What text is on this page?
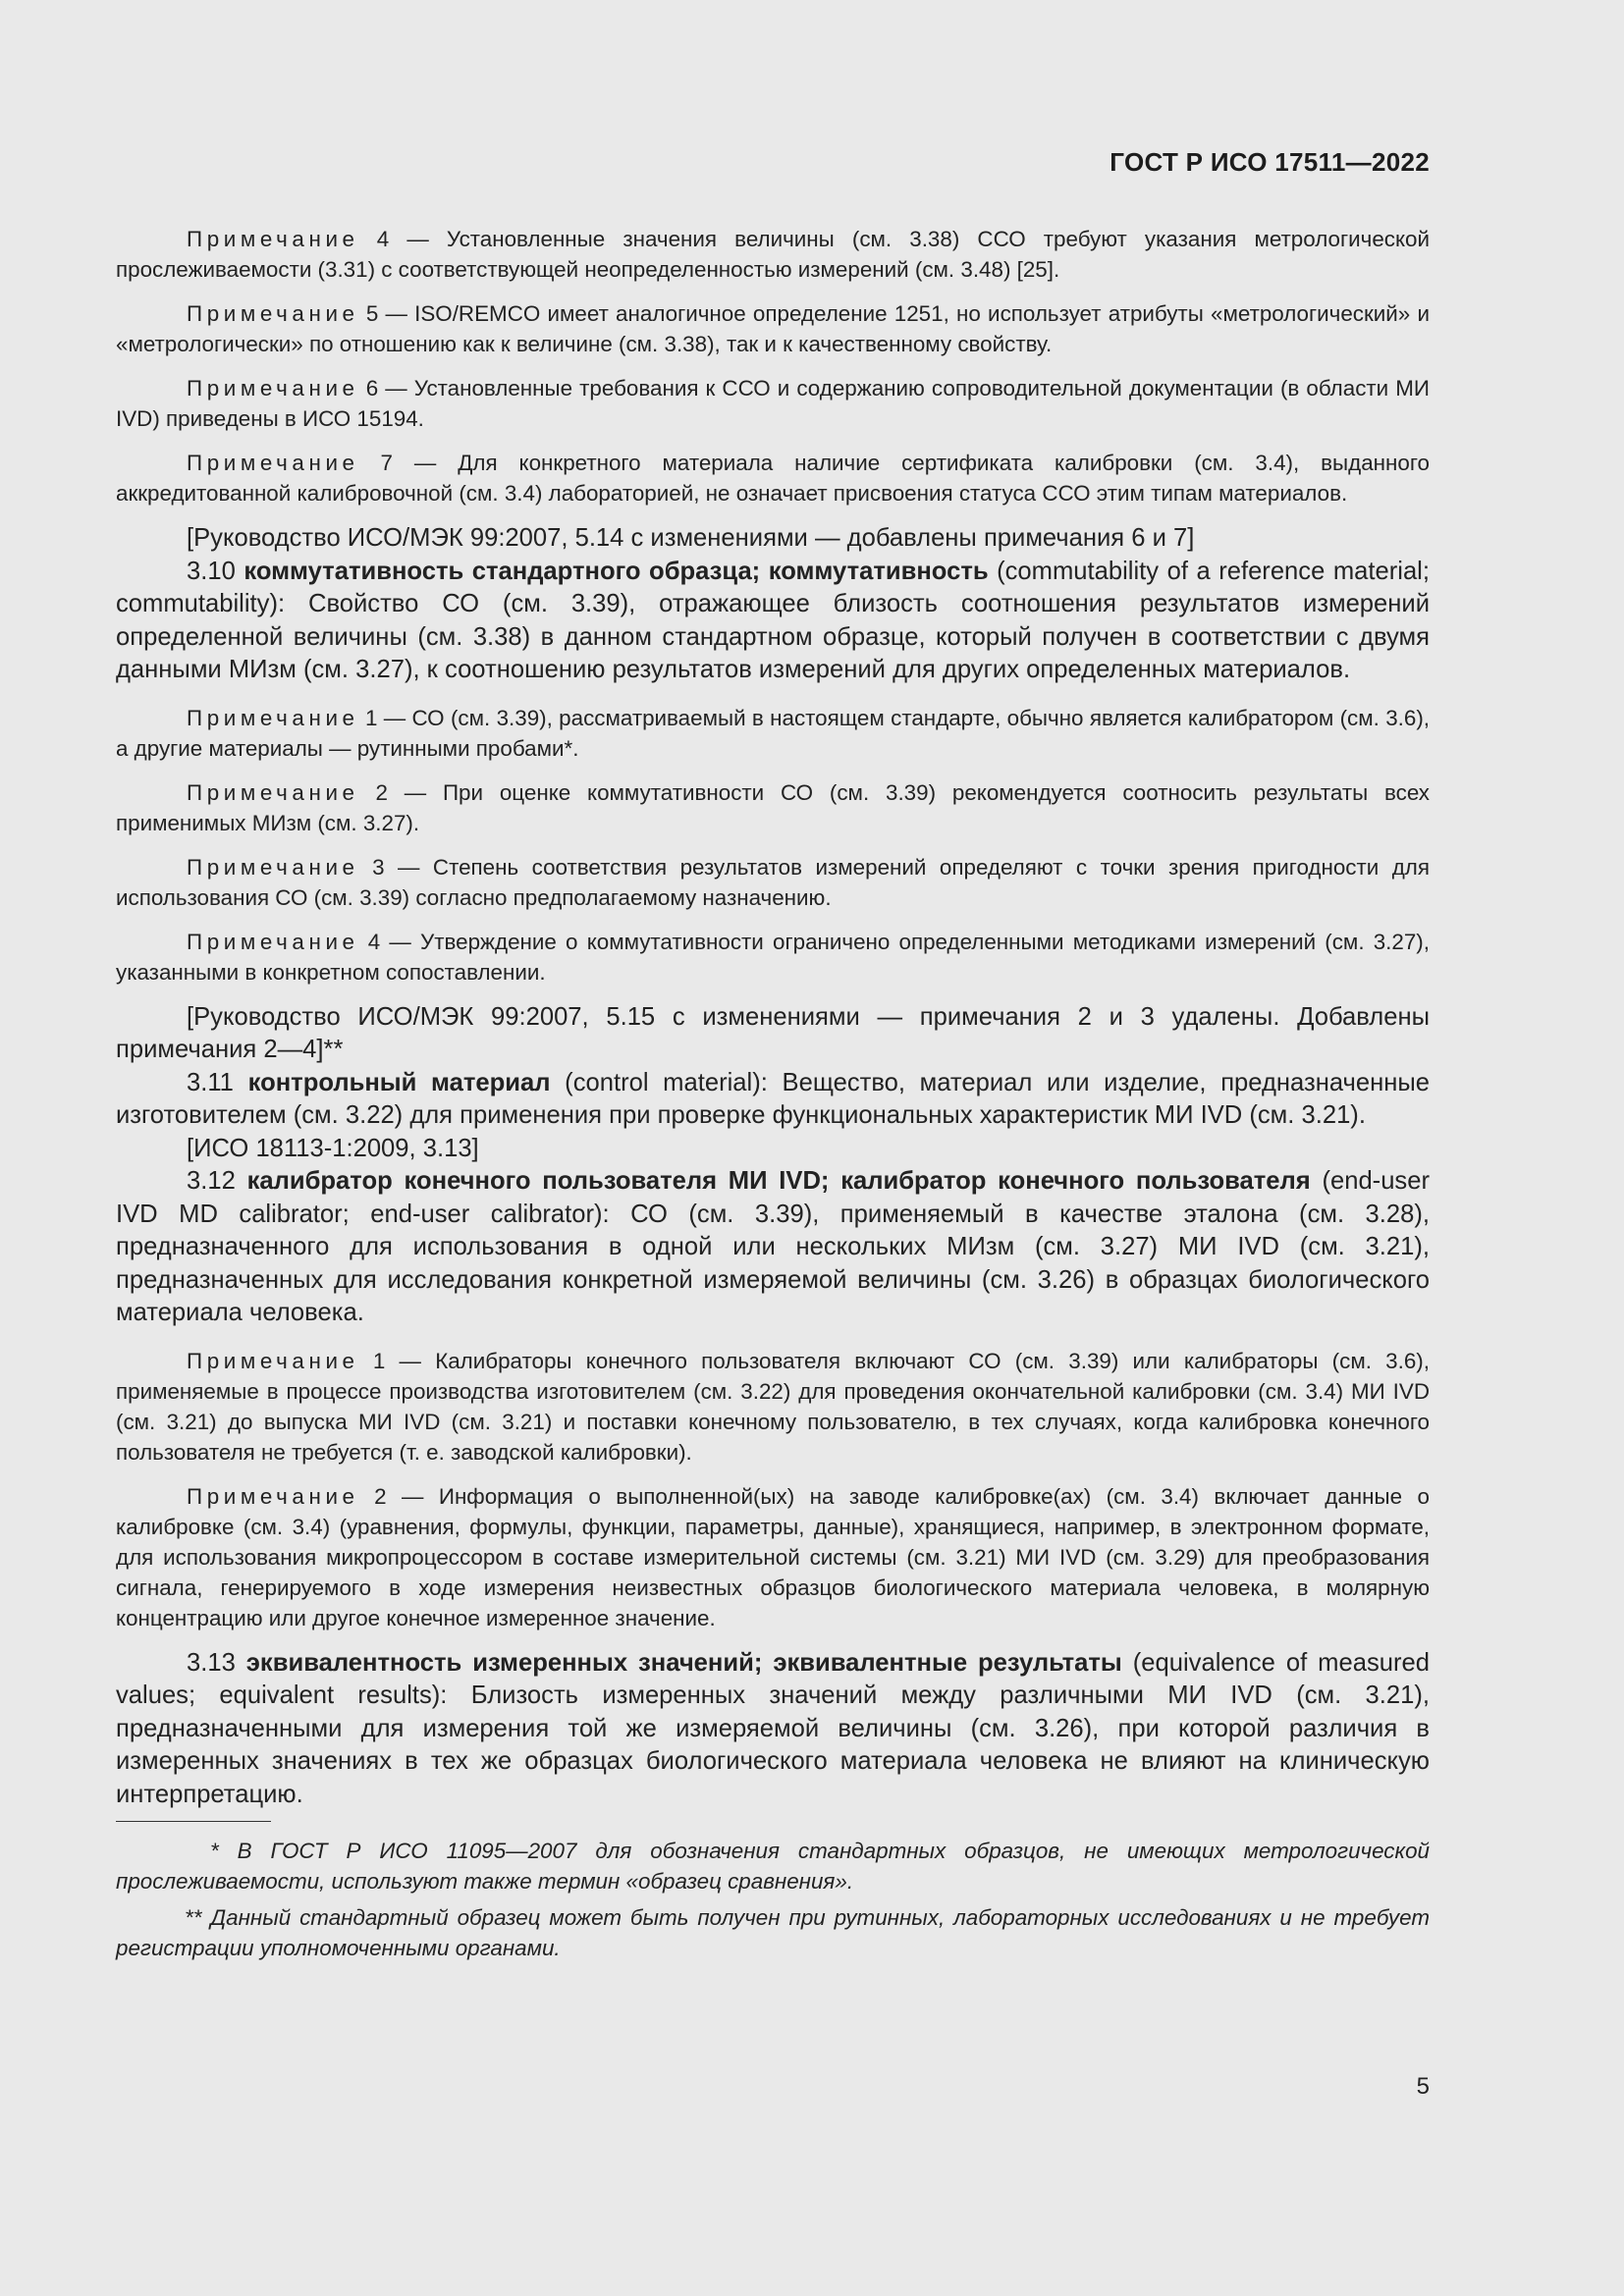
ГОСТ Р ИСО 17511—2022

Примечание 4 — Установленные значения величины (см. 3.38) ССО требуют указания метрологической прослеживаемости (3.31) с соответствующей неопределенностью измерений (см. 3.48) [25].

Примечание 5 — ISO/REMCO имеет аналогичное определение 1251, но использует атрибуты «метрологический» и «метрологически» по отношению как к величине (см. 3.38), так и к качественному свойству.

Примечание 6 — Установленные требования к ССО и содержанию сопроводительной документации (в области МИ IVD) приведены в ИСО 15194.

Примечание 7 — Для конкретного материала наличие сертификата калибровки (см. 3.4), выданного аккредитованной калибровочной (см. 3.4) лабораторией, не означает присвоения статуса ССО этим типам материалов.

[Руководство ИСО/МЭК 99:2007, 5.14 с изменениями — добавлены примечания 6 и 7]

3.10 коммутативность стандартного образца; коммутативность (commutability of a reference material; commutability): Свойство СО (см. 3.39), отражающее близость соотношения результатов измерений определенной величины (см. 3.38) в данном стандартном образце, который получен в соответствии с двумя данными МИзм (см. 3.27), к соотношению результатов измерений для других определенных материалов.

Примечание 1 — СО (см. 3.39), рассматриваемый в настоящем стандарте, обычно является калибратором (см. 3.6), а другие материалы — рутинными пробами*.

Примечание 2 — При оценке коммутативности СО (см. 3.39) рекомендуется соотносить результаты всех применимых МИзм (см. 3.27).

Примечание 3 — Степень соответствия результатов измерений определяют с точки зрения пригодности для использования СО (см. 3.39) согласно предполагаемому назначению.

Примечание 4 — Утверждение о коммутативности ограничено определенными методиками измерений (см. 3.27), указанными в конкретном сопоставлении.

[Руководство ИСО/МЭК 99:2007, 5.15 с изменениями — примечания 2 и 3 удалены. Добавлены примечания 2—4]**

3.11 контрольный материал (control material): Вещество, материал или изделие, предназначенные изготовителем (см. 3.22) для применения при проверке функциональных характеристик МИ IVD (см. 3.21).

[ИСО 18113-1:2009, 3.13]

3.12 калибратор конечного пользователя МИ IVD; калибратор конечного пользователя (end-user IVD MD calibrator; end-user calibrator): СО (см. 3.39), применяемый в качестве эталона (см. 3.28), предназначенного для использования в одной или нескольких МИзм (см. 3.27) МИ IVD (см. 3.21), предназначенных для исследования конкретной измеряемой величины (см. 3.26) в образцах биологического материала человека.

Примечание 1 — Калибраторы конечного пользователя включают СО (см. 3.39) или калибраторы (см. 3.6), применяемые в процессе производства изготовителем (см. 3.22) для проведения окончательной калибровки (см. 3.4) МИ IVD (см. 3.21) до выпуска МИ IVD (см. 3.21) и поставки конечному пользователю, в тех случаях, когда калибровка конечного пользователя не требуется (т. е. заводской калибровки).

Примечание 2 — Информация о выполненной(ых) на заводе калибровке(ах) (см. 3.4) включает данные о калибровке (см. 3.4) (уравнения, формулы, функции, параметры, данные), хранящиеся, например, в электронном формате, для использования микропроцессором в составе измерительной системы (см. 3.21) МИ IVD (см. 3.29) для преобразования сигнала, генерируемого в ходе измерения неизвестных образцов биологического материала человека, в молярную концентрацию или другое конечное измеренное значение.

3.13 эквивалентность измеренных значений; эквивалентные результаты (equivalence of measured values; equivalent results): Близость измеренных значений между различными МИ IVD (см. 3.21), предназначенными для измерения той же измеряемой величины (см. 3.26), при которой различия в измеренных значениях в тех же образцах биологического материала человека не влияют на клиническую интерпретацию.

* В ГОСТ Р ИСО 11095—2007 для обозначения стандартных образцов, не имеющих метрологической прослеживаемости, используют также термин «образец сравнения».

** Данный стандартный образец может быть получен при рутинных, лабораторных исследованиях и не требует регистрации уполномоченными органами.

5
